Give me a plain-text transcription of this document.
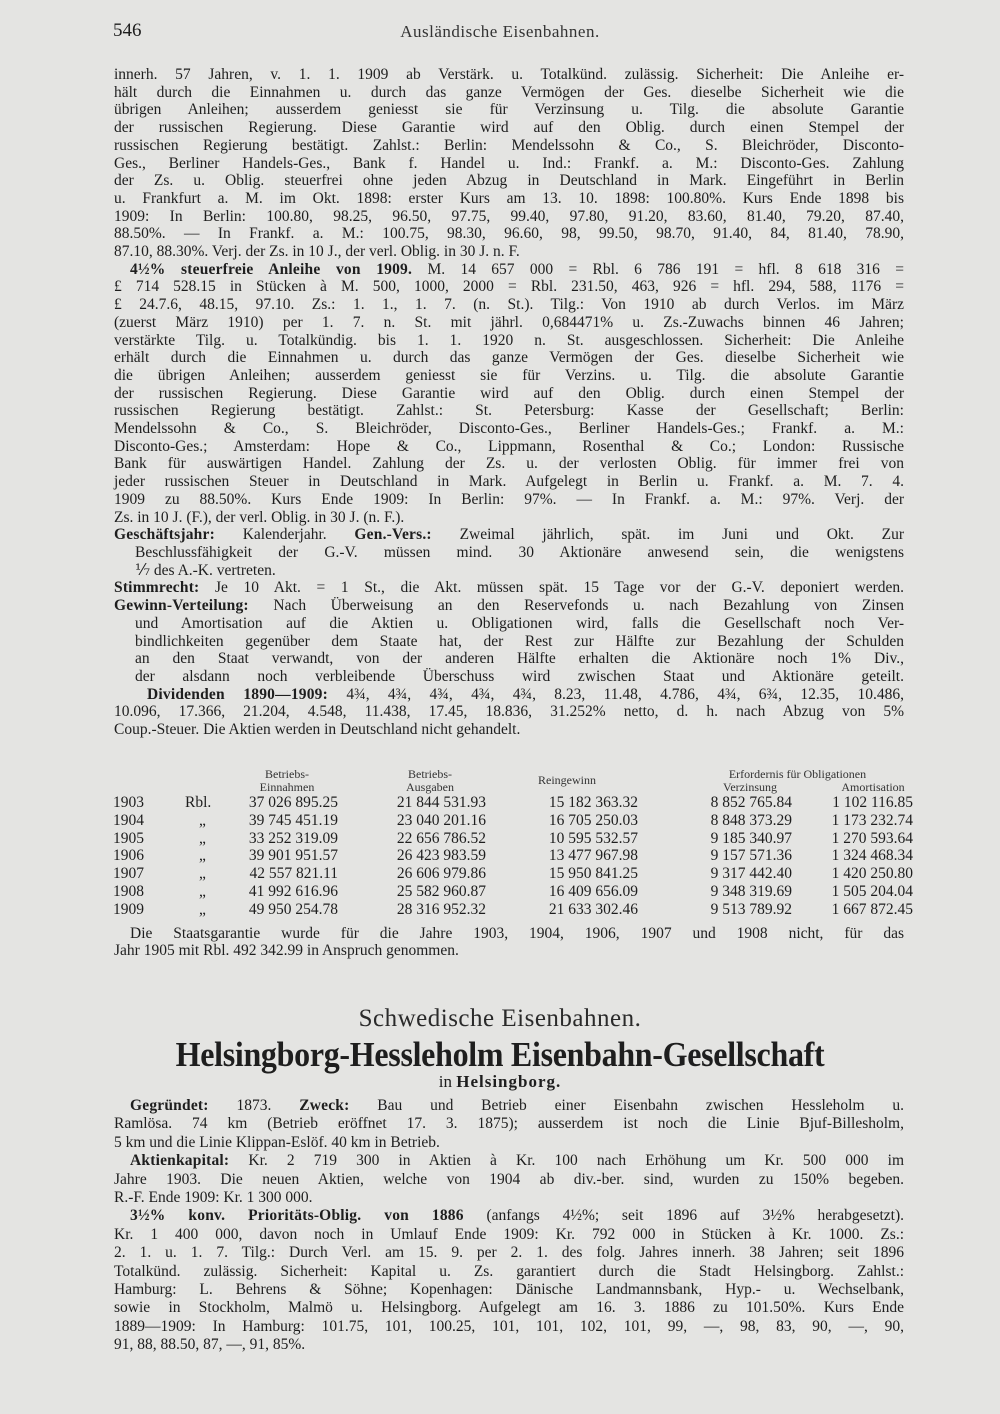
546	Ausländische Eisenbahnen.
innerh. 57 Jahren, v. 1. 1. 1909 ab Verstärk. u. Totalkünd. zulässig. Sicherheit: Die Anleihe er-
hält durch die Einnahmen u. durch das ganze Vermögen der Ges. dieselbe Sicherheit wie die
übrigen Anleihen; ausserdem geniesst sie für Verzinsung u. Tilg. die absolute Garantie
der russischen Regierung. Diese Garantie wird auf den Oblig. durch einen Stempel der
russischen Regierung bestätigt. Zahlst.: Berlin: Mendelssohn & Co., S. Bleichröder, Disconto-
Ges., Berliner Handels-Ges., Bank f. Handel u. Ind.: Frankf. a. M.: Disconto-Ges. Zahlung
der Zs. u. Oblig. steuerfrei ohne jeden Abzug in Deutschland in Mark. Eingeführt in Berlin
u. Frankfurt a. M. im Okt. 1898: erster Kurs am 13. 10. 1898: 100.80%. Kurs Ende 1898 bis
1909: In Berlin: 100.80, 98.25, 96.50, 97.75, 99.40, 97.80, 91.20, 83.60, 81.40, 79.20, 87.40,
88.50%. — In Frankf. a. M.: 100.75, 98.30, 96.60, 98, 99.50, 98.70, 91.40, 84, 81.40, 78.90,
87.10, 88.30%. Verj. der Zs. in 10 J., der verl. Oblig. in 30 J. n. F.
4½% steuerfreie Anleihe von 1909. M. 14 657 000 = Rbl. 6 786 191 = hfl. 8 618 316 =
£ 714 528.15 in Stücken à M. 500, 1000, 2000 = Rbl. 231.50, 463, 926 = hfl. 294, 588, 1176 =
£ 24.7.6, 48.15, 97.10. Zs.: 1. 1., 1. 7. (n. St.). Tilg.: Von 1910 ab durch Verlos. im März
(zuerst März 1910) per 1. 7. n. St. mit jährl. 0,684471% u. Zs.-Zuwachs binnen 46 Jahren;
verstärkte Tilg. u. Totalkündig. bis 1. 1. 1920 n. St. ausgeschlossen. Sicherheit: Die Anleihe
erhält durch die Einnahmen u. durch das ganze Vermögen der Ges. dieselbe Sicherheit wie
die übrigen Anleihen; ausserdem geniesst sie für Verzins. u. Tilg. die absolute Garantie
der russischen Regierung. Diese Garantie wird auf den Oblig. durch einen Stempel der
russischen Regierung bestätigt. Zahlst.: St. Petersburg: Kasse der Gesellschaft; Berlin:
Mendelssohn & Co., S. Bleichröder, Disconto-Ges., Berliner Handels-Ges.; Frankf. a. M.:
Disconto-Ges.; Amsterdam: Hope & Co., Lippmann, Rosenthal & Co.; London: Russische
Bank für auswärtigen Handel. Zahlung der Zs. u. der verlosten Oblig. für immer frei von
jeder russischen Steuer in Deutschland in Mark. Aufgelegt in Berlin u. Frankf. a. M. 7. 4.
1909 zu 88.50%. Kurs Ende 1909: In Berlin: 97%. — In Frankf. a. M.: 97%. Verj. der
Zs. in 10 J. (F.), der verl. Oblig. in 30 J. (n. F.).
Geschäftsjahr: Kalenderjahr. Gen.-Vers.: Zweimal jährlich, spät. im Juni und Okt. Zur
Beschlussfähigkeit der G.-V. müssen mind. 30 Aktionäre anwesend sein, die wenigstens
⅐ des A.-K. vertreten.
Stimmrecht: Je 10 Akt. = 1 St., die Akt. müssen spät. 15 Tage vor der G.-V. deponiert werden.
Gewinn-Verteilung: Nach Überweisung an den Reservefonds u. nach Bezahlung von Zinsen
und Amortisation auf die Aktien u. Obligationen wird, falls die Gesellschaft noch Ver-
bindlichkeiten gegenüber dem Staate hat, der Rest zur Hälfte zur Bezahlung der Schulden
an den Staat verwandt, von der anderen Hälfte erhalten die Aktionäre noch 1% Div.,
der alsdann noch verbleibende Überschuss wird zwischen Staat und Aktionäre geteilt.
Dividenden 1890—1909: 4¾, 4¾, 4¾, 4¾, 4¾, 8.23, 11.48, 4.786, 4¾, 6¾, 12.35, 10.486,
10.096, 17.366, 21.204, 4.548, 11.438, 17.45, 18.836, 31.252% netto, d. h. nach Abzug von 5%
Coup.-Steuer. Die Aktien werden in Deutschland nicht gehandelt.
Betriebs-
Einnahmen
Betriebs-
Ausgaben	Reingewinn	Erfordernis für Obligationen
Verzinsung	Amortisation
1903	Rbl.	37 026 895.25	21 844 531.93	15 182 363.32	8 852 765.84	1 102 116.85
1904	„	39 745 451.19	23 040 201.16	16 705 250.03	8 848 373.29	1 173 232.74
1905	„	33 252 319.09	22 656 786.52	10 595 532.57	9 185 340.97	1 270 593.64
1906	„	39 901 951.57	26 423 983.59	13 477 967.98	9 157 571.36	1 324 468.34
1907	„	42 557 821.11	26 606 979.86	15 950 841.25	9 317 442.40	1 420 250.80
1908	„	41 992 616.96	25 582 960.87	16 409 656.09	9 348 319.69	1 505 204.04
1909	„	49 950 254.78	28 316 952.32	21 633 302.46	9 513 789.92	1 667 872.45
Die Staatsgarantie wurde für die Jahre 1903, 1904, 1906, 1907 und 1908 nicht, für das
Jahr 1905 mit Rbl. 492 342.99 in Anspruch genommen.
Schwedische Eisenbahnen.
Helsingborg-Hessleholm Eisenbahn-Gesellschaft
in Helsingborg.
Gegründet: 1873. Zweck: Bau und Betrieb einer Eisenbahn zwischen Hessleholm u.
Ramlösa. 74 km (Betrieb eröffnet 17. 3. 1875); ausserdem ist noch die Linie Bjuf-Billesholm,
5 km und die Linie Klippan-Eslöf. 40 km in Betrieb.
Aktienkapital: Kr. 2 719 300 in Aktien à Kr. 100 nach Erhöhung um Kr. 500 000 im
Jahre 1903. Die neuen Aktien, welche von 1904 ab div.-ber. sind, wurden zu 150% begeben.
R.-F. Ende 1909: Kr. 1 300 000.
3½% konv. Prioritäts-Oblig. von 1886 (anfangs 4½%; seit 1896 auf 3½% herabgesetzt).
Kr. 1 400 000, davon noch in Umlauf Ende 1909: Kr. 792 000 in Stücken à Kr. 1000. Zs.:
2. 1. u. 1. 7. Tilg.: Durch Verl. am 15. 9. per 2. 1. des folg. Jahres innerh. 38 Jahren; seit 1896
Totalkünd. zulässig. Sicherheit: Kapital u. Zs. garantiert durch die Stadt Helsingborg. Zahlst.:
Hamburg: L. Behrens & Söhne; Kopenhagen: Dänische Landmannsbank, Hyp.- u. Wechselbank,
sowie in Stockholm, Malmö u. Helsingborg. Aufgelegt am 16. 3. 1886 zu 101.50%. Kurs Ende
1889—1909: In Hamburg: 101.75, 101, 100.25, 101, 101, 102, 101, 99, —, 98, 83, 90, —, 90,
91, 88, 88.50, 87, —, 91, 85%.
